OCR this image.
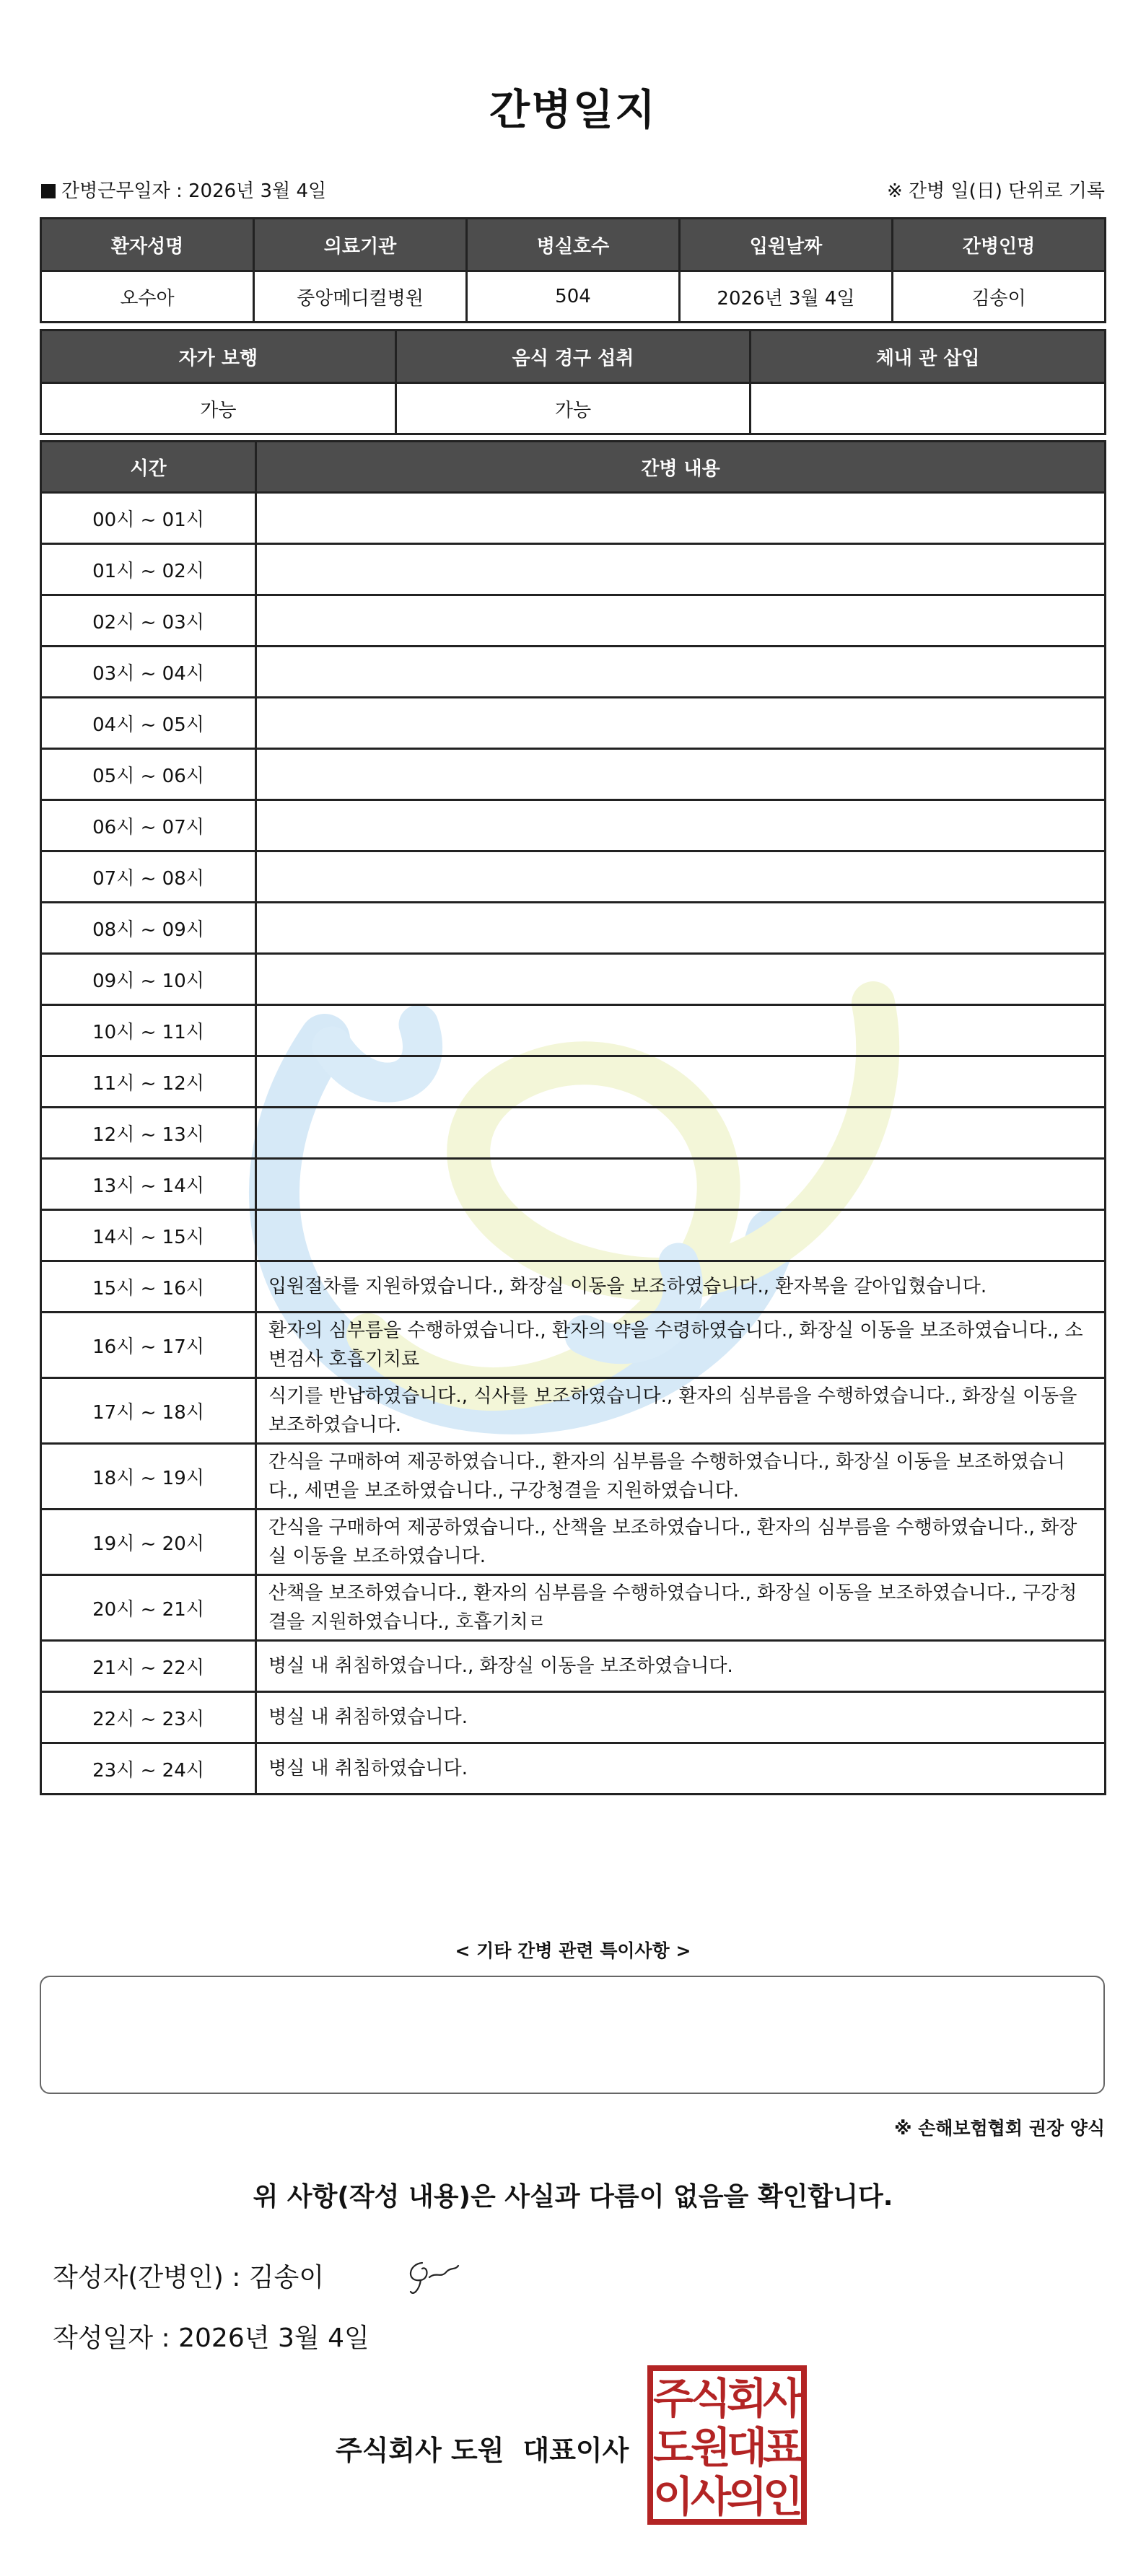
간병일지
간병근무일자 : 2026년 3월 4일	※ 간병 일(日) 단위로 기록
환자성명	의료기관	병실호수	입원날짜	간병인명
오수아	중앙메디컬병원	504	2026년 3월 4일	김송이
자가 보행	음식 경구 섭취	체내 관 삽입
가능	가능	
시간	간병 내용
00시 ~ 01시	
01시 ~ 02시	
02시 ~ 03시	
03시 ~ 04시	
04시 ~ 05시	
05시 ~ 06시	
06시 ~ 07시	
07시 ~ 08시	
08시 ~ 09시	
09시 ~ 10시	
10시 ~ 11시	
11시 ~ 12시	
12시 ~ 13시	
13시 ~ 14시	
14시 ~ 15시	
15시 ~ 16시	입원절차를 지원하였습니다., 화장실 이동을 보조하였습니다., 환자복을 갈아입혔습니다.
16시 ~ 17시	환자의 심부름을 수행하였습니다., 환자의 약을 수령하였습니다., 화장실 이동을 보조하였습니다., 소변검사 호흡기치료
17시 ~ 18시	식기를 반납하였습니다., 식사를 보조하였습니다., 환자의 심부름을 수행하였습니다., 화장실 이동을 보조하였습니다.
18시 ~ 19시	간식을 구매하여 제공하였습니다., 환자의 심부름을 수행하였습니다., 화장실 이동을 보조하였습니다., 세면을 보조하였습니다., 구강청결을 지원하였습니다.
19시 ~ 20시	간식을 구매하여 제공하였습니다., 산책을 보조하였습니다., 환자의 심부름을 수행하였습니다., 화장실 이동을 보조하였습니다.
20시 ~ 21시	산책을 보조하였습니다., 환자의 심부름을 수행하였습니다., 화장실 이동을 보조하였습니다., 구강청결을 지원하였습니다., 호흡기치ㄹ
21시 ~ 22시	병실 내 취침하였습니다., 화장실 이동을 보조하였습니다.
22시 ~ 23시	병실 내 취침하였습니다.
23시 ~ 24시	병실 내 취침하였습니다.
< 기타 간병 관련 특이사항 >
※ 손해보험협회 권장 양식
위 사항(작성 내용)은 사실과 다름이 없음을 확인합니다.
작성자(간병인) : 김송이
작성일자 : 2026년 3월 4일
주식회사 도원 대표이사
주
식
회
사
도
원
대
표
이
사
의
인
